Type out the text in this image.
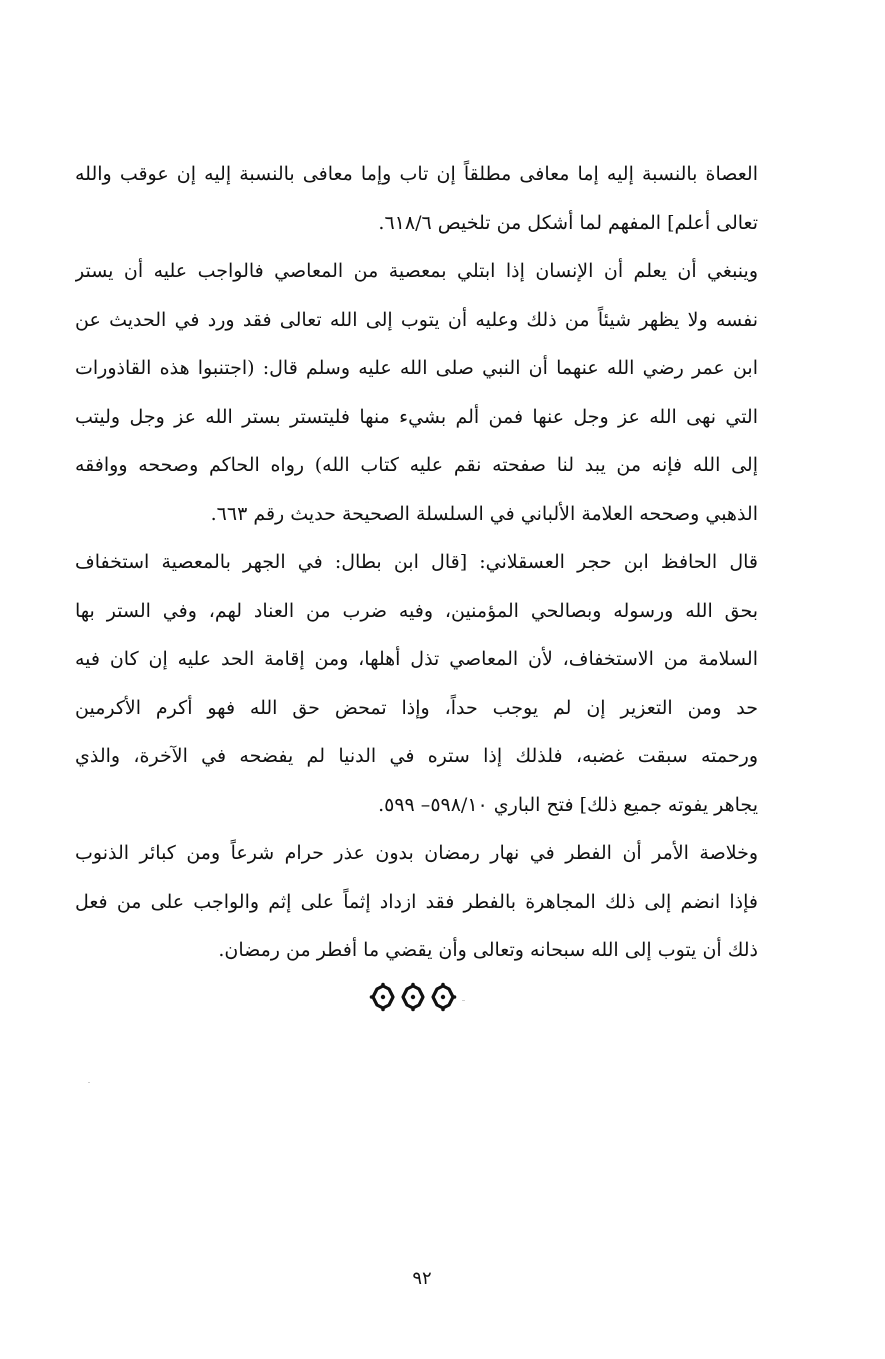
العصاة بالنسبة إليه إما معافى مطلقاً إن تاب وإما معافى بالنسبة إليه إن عوقب والله
تعالى أعلم] المفهم لما أشكل من تلخيص ٦١٨/٦.
وينبغي أن يعلم أن الإنسان إذا ابتلي بمعصية من المعاصي فالواجب عليه أن يستر
نفسه ولا يظهر شيئاً من ذلك وعليه أن يتوب إلى الله تعالى فقد ورد في الحديث عن
ابن عمر رضي الله عنهما أن النبي صلى الله عليه وسلم قال: (اجتنبوا هذه القاذورات
التي نهى الله عز وجل عنها فمن ألم بشيء منها فليتستر بستر الله عز وجل وليتب
إلى الله فإنه من يبد لنا صفحته نقم عليه كتاب الله) رواه الحاكم وصححه ووافقه
الذهبي وصححه العلامة الألباني في السلسلة الصحيحة حديث رقم ٦٦٣.
قال الحافظ ابن حجر العسقلاني: [قال ابن بطال: في الجهر بالمعصية استخفاف
بحق الله ورسوله وبصالحي المؤمنين، وفيه ضرب من العناد لهم، وفي الستر بها
السلامة من الاستخفاف، لأن المعاصي تذل أهلها، ومن إقامة الحد عليه إن كان فيه
حد ومن التعزير إن لم يوجب حداً، وإذا تمحض حق الله فهو أكرم الأكرمين
ورحمته سبقت غضبه، فلذلك إذا ستره في الدنيا لم يفضحه في الآخرة، والذي
يجاهر يفوته جميع ذلك] فتح الباري ٥٩٨/١٠– ٥٩٩.
وخلاصة الأمر أن الفطر في نهار رمضان بدون عذر حرام شرعاً ومن كبائر الذنوب
فإذا انضم إلى ذلك المجاهرة بالفطر فقد ازداد إثماً على إثم والواجب على من فعل
ذلك أن يتوب إلى الله سبحانه وتعالى وأن يقضي ما أفطر من رمضان.
٩٢
